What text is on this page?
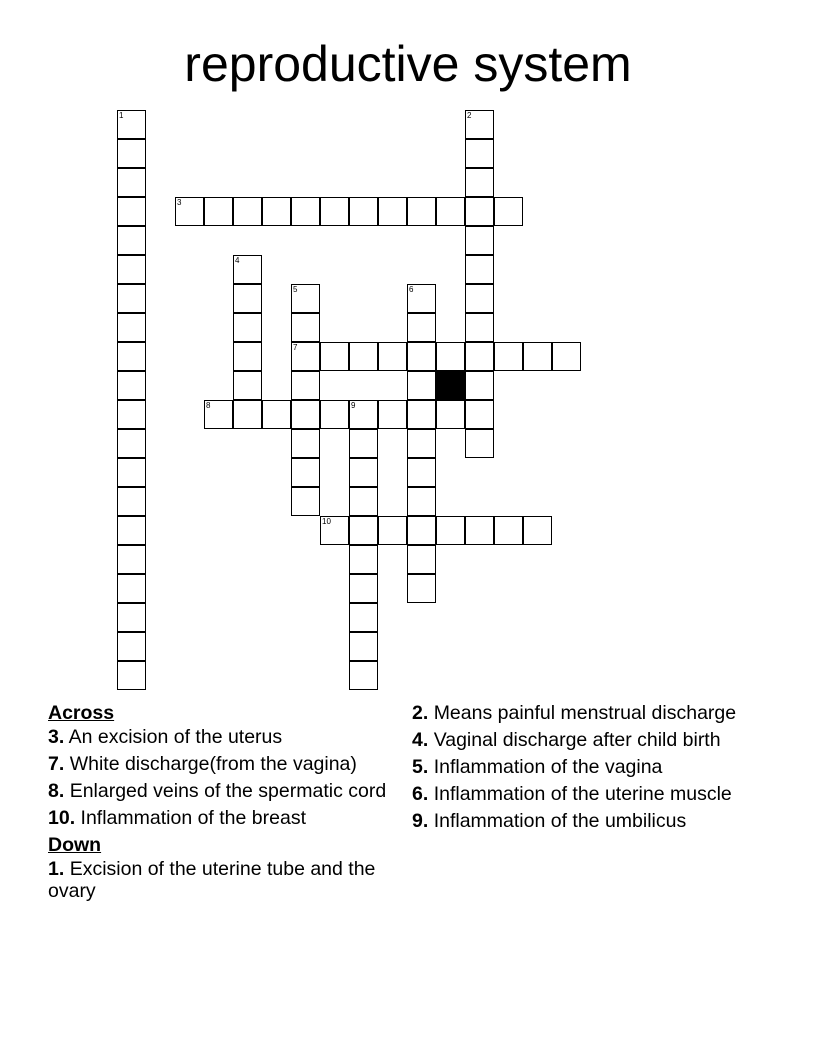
reproductive system
1	2
3
4
5
7
6
8	9
10
Across
3. An excision of the uterus
7. White discharge(from the vagina)
8. Enlarged veins of the spermatic cord
10. Inflammation of the breast
Down
1. Excision of the uterine tube and the ovary
2. Means painful menstrual discharge
4. Vaginal discharge after child birth
5. Inflammation of the vagina
6. Inflammation of the uterine muscle
9. Inflammation of the umbilicus
